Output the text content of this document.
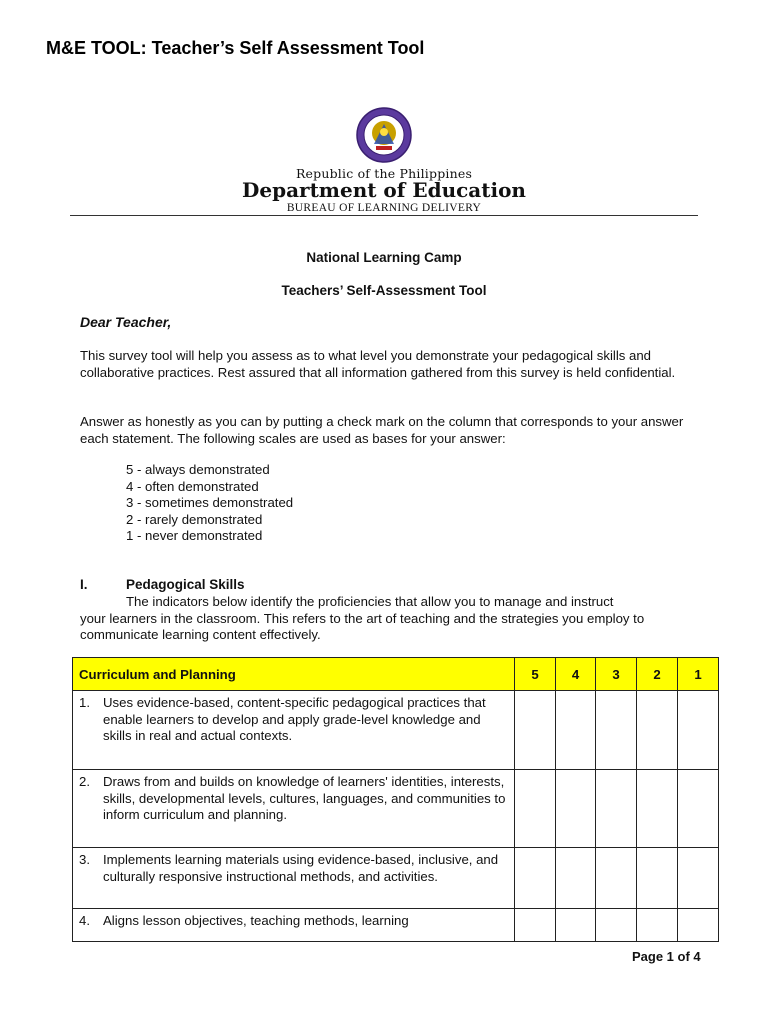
M&E TOOL: Teacher’s Self Assessment Tool
Republic of the Philippines
Department of Education
BUREAU OF LEARNING DELIVERY
National Learning Camp
Teachers’ Self-Assessment Tool
Dear Teacher,
This survey tool will help you assess as to what level you demonstrate your pedagogical skills and collaborative practices. Rest assured that all information gathered from this survey is held confidential.
Answer as honestly as you can by putting a check mark on the column that corresponds to your answer each statement. The following scales are used as bases for your answer:
5 - always demonstrated
4 - often demonstrated
3 - sometimes demonstrated
2 - rarely demonstrated
1 - never demonstrated
I.	Pedagogical Skills
The indicators below identify the proficiencies that allow you to manage and instruct
your learners in the classroom. This refers to the art of teaching and the strategies you employ to communicate learning content effectively.
Curriculum and Planning	5	4	3	2	1
1. Uses evidence-based, content-specific pedagogical practices that enable learners to develop and apply grade-level knowledge and skills in real and actual contexts.					
2. Draws from and builds on knowledge of learners' identities, interests, skills, developmental levels, cultures, languages, and communities to inform curriculum and planning.					
3. Implements learning materials using evidence-based, inclusive, and culturally responsive instructional methods, and activities.					
4. Aligns lesson objectives, teaching methods, learning					
Page 1 of 4
